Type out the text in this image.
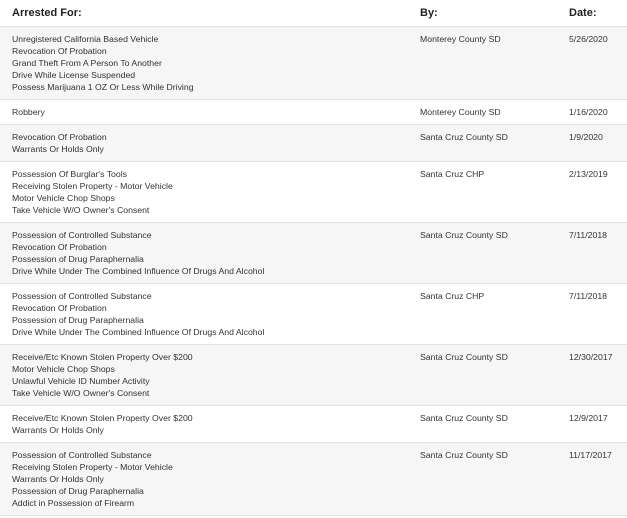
Arrested For:	By:	Date:
Unregistered California Based Vehicle
Revocation Of Probation
Grand Theft From A Person To Another
Drive While License Suspended
Possess Marijuana 1 OZ Or Less While Driving
Monterey County SD	5/26/2020
Robbery	Monterey County SD	1/16/2020
Revocation Of Probation
Warrants Or Holds Only
Santa Cruz County SD	1/9/2020
Possession Of Burglar's Tools
Receiving Stolen Property - Motor Vehicle
Motor Vehicle Chop Shops
Take Vehicle W/O Owner's Consent
Santa Cruz CHP	2/13/2019
Possession of Controlled Substance
Revocation Of Probation
Possession of Drug Paraphernalia
Drive While Under The Combined Influence Of Drugs And Alcohol
Santa Cruz County SD	7/11/2018
Possession of Controlled Substance
Revocation Of Probation
Possession of Drug Paraphernalia
Drive While Under The Combined Influence Of Drugs And Alcohol
Santa Cruz CHP	7/11/2018
Receive/Etc Known Stolen Property Over $200
Motor Vehicle Chop Shops
Unlawful Vehicle ID Number Activity
Take Vehicle W/O Owner's Consent
Santa Cruz County SD	12/30/2017
Receive/Etc Known Stolen Property Over $200
Warrants Or Holds Only
Santa Cruz County SD	12/9/2017
Possession of Controlled Substance
Receiving Stolen Property - Motor Vehicle
Warrants Or Holds Only
Possession of Drug Paraphernalia
Addict in Possession of Firearm
Santa Cruz County SD	11/17/2017
